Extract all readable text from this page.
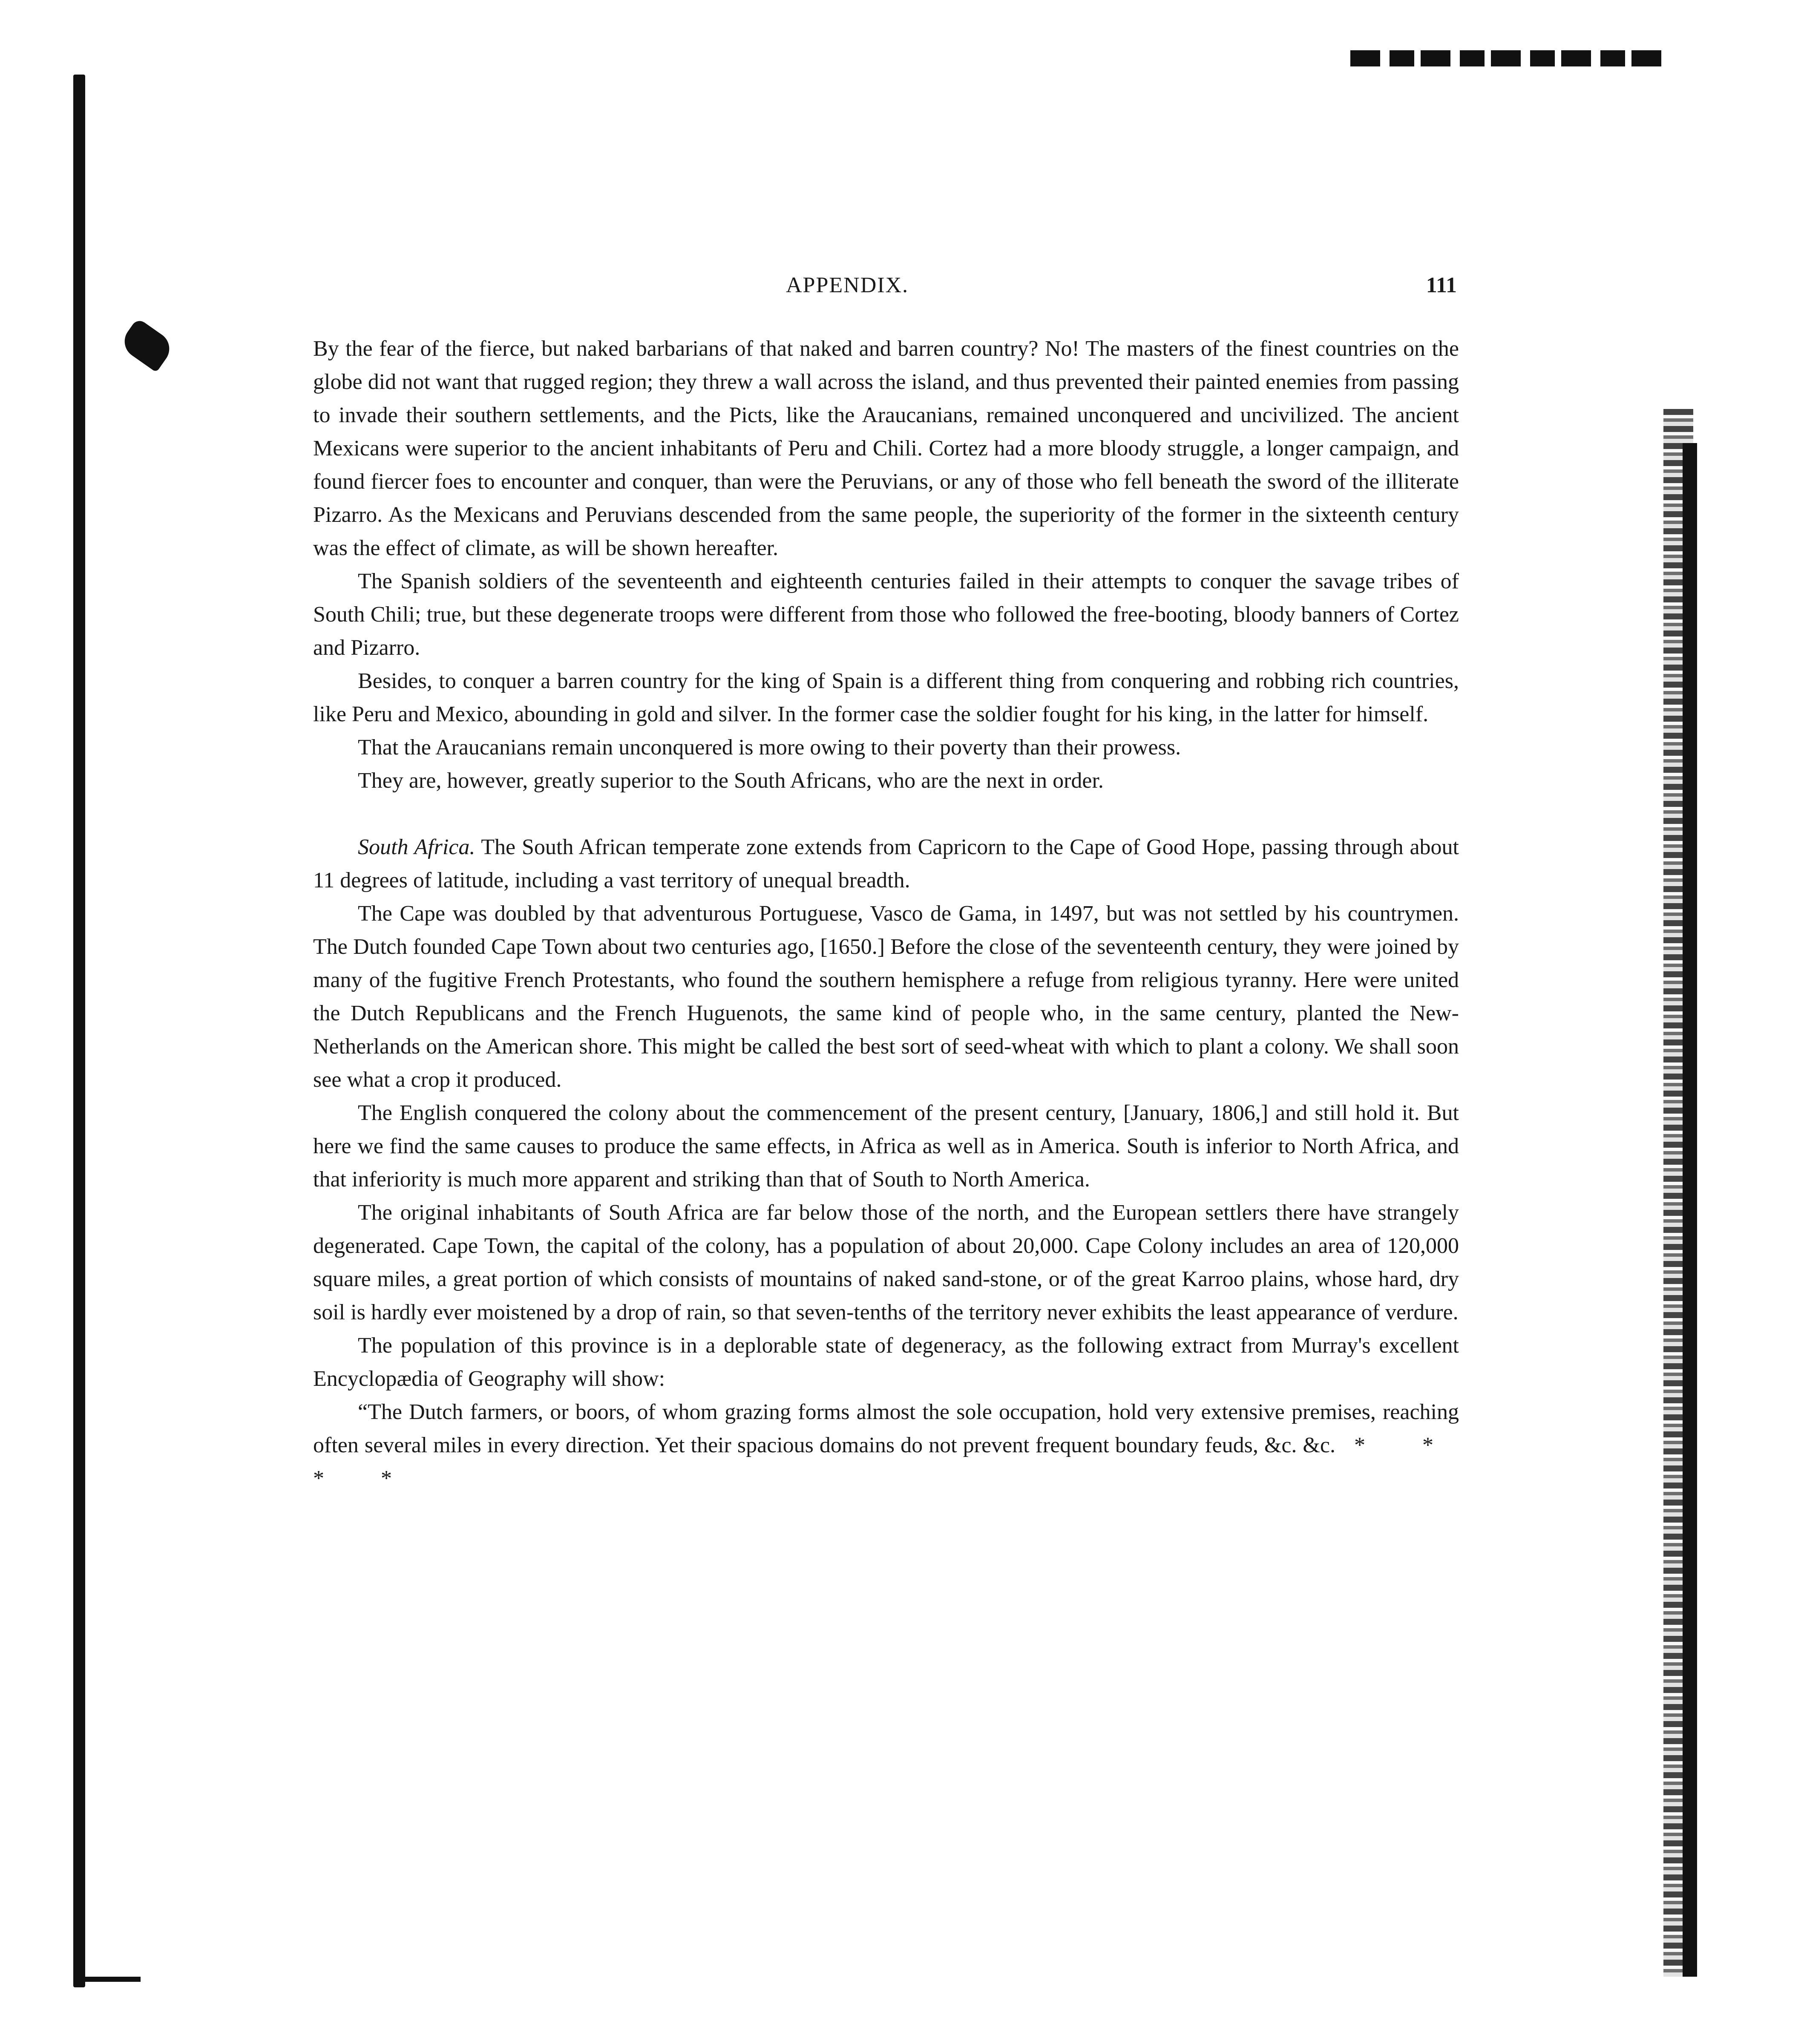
APPENDIX.	111

By the fear of the fierce, but naked barbarians of that naked and barren country? No! The masters of the finest countries on the globe did not want that rugged region; they threw a wall across the island, and thus prevented their painted enemies from passing to invade their southern settlements, and the Picts, like the Araucanians, remained unconquered and uncivilized. The ancient Mexicans were superior to the ancient inhabitants of Peru and Chili. Cortez had a more bloody struggle, a longer campaign, and found fiercer foes to encounter and conquer, than were the Peruvians, or any of those who fell beneath the sword of the illiterate Pizarro. As the Mexicans and Peruvians descended from the same people, the superiority of the former in the sixteenth century was the effect of climate, as will be shown hereafter.

The Spanish soldiers of the seventeenth and eighteenth centuries failed in their attempts to conquer the savage tribes of South Chili; true, but these degenerate troops were different from those who followed the free-booting, bloody banners of Cortez and Pizarro.

Besides, to conquer a barren country for the king of Spain is a different thing from conquering and robbing rich countries, like Peru and Mexico, abounding in gold and silver. In the former case the soldier fought for his king, in the latter for himself.

That the Araucanians remain unconquered is more owing to their poverty than their prowess.

They are, however, greatly superior to the South Africans, who are the next in order.

South Africa. The South African temperate zone extends from Capricorn to the Cape of Good Hope, passing through about 11 degrees of latitude, including a vast territory of unequal breadth.

The Cape was doubled by that adventurous Portuguese, Vasco de Gama, in 1497, but was not settled by his countrymen. The Dutch founded Cape Town about two centuries ago, [1650.] Before the close of the seventeenth century, they were joined by many of the fugitive French Protestants, who found the southern hemisphere a refuge from religious tyranny. Here were united the Dutch Republicans and the French Huguenots, the same kind of people who, in the same century, planted the New-Netherlands on the American shore. This might be called the best sort of seed-wheat with which to plant a colony. We shall soon see what a crop it produced.

The English conquered the colony about the commencement of the present century, [January, 1806,] and still hold it. But here we find the same causes to produce the same effects, in Africa as well as in America. South is inferior to North Africa, and that inferiority is much more apparent and striking than that of South to North America.

The original inhabitants of South Africa are far below those of the north, and the European settlers there have strangely degenerated. Cape Town, the capital of the colony, has a population of about 20,000. Cape Colony includes an area of 120,000 square miles, a great portion of which consists of mountains of naked sand-stone, or of the great Karroo plains, whose hard, dry soil is hardly ever moistened by a drop of rain, so that seven-tenths of the territory never exhibits the least appearance of verdure.

The population of this province is in a deplorable state of degeneracy, as the following extract from Murray's excellent Encyclopædia of Geography will show:

“The Dutch farmers, or boors, of whom grazing forms almost the sole occupation, hold very extensive premises, reaching often several miles in every direction. Yet their spacious domains do not prevent frequent boundary feuds, &c. &c. * * * *
